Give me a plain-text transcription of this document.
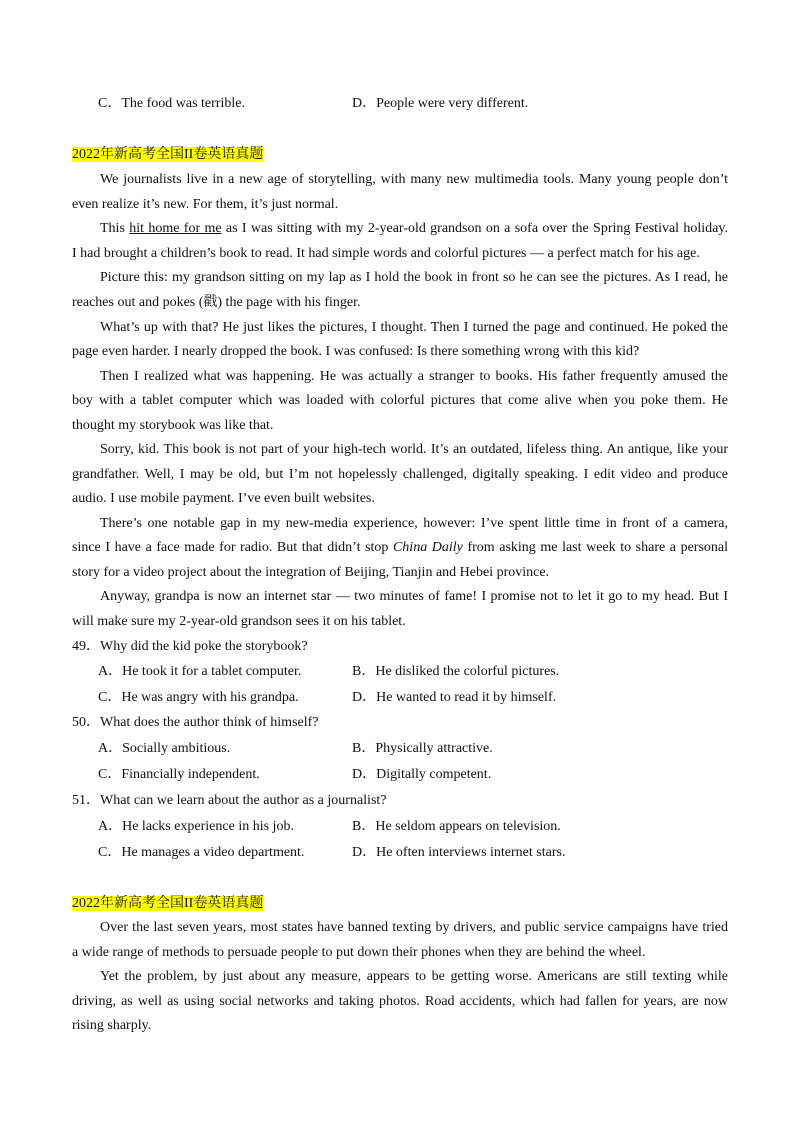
C．The food was terrible.	D．People were very different.
2022年新高考全国II卷英语真题
We journalists live in a new age of storytelling, with many new multimedia tools. Many young people don’t
even realize it’s new. For them, it’s just normal.
This hit home for me as I was sitting with my 2-year-old grandson on a sofa over the Spring Festival holiday.
I had brought a children’s book to read. It had simple words and colorful pictures — a perfect match for his age.
Picture this: my grandson sitting on my lap as I hold the book in front so he can see the pictures. As I read, he
reaches out and pokes (戳) the page with his finger.
What’s up with that? He just likes the pictures, I thought. Then I turned the page and continued. He poked the
page even harder. I nearly dropped the book. I was confused: Is there something wrong with this kid?
Then I realized what was happening. He was actually a stranger to books. His father frequently amused the
boy with a tablet computer which was loaded with colorful pictures that come alive when you poke them. He
thought my storybook was like that.
Sorry, kid. This book is not part of your high-tech world. It’s an outdated, lifeless thing. An antique, like your
grandfather. Well, I may be old, but I’m not hopelessly challenged, digitally speaking. I edit video and produce
audio. I use mobile payment. I’ve even built websites.
There’s one notable gap in my new-media experience, however: I’ve spent little time in front of a camera,
since I have a face made for radio. But that didn’t stop China Daily from asking me last week to share a personal
story for a video project about the integration of Beijing, Tianjin and Hebei province.
Anyway, grandpa is now an internet star — two minutes of fame! I promise not to let it go to my head. But I
will make sure my 2-year-old grandson sees it on his tablet.
49．Why did the kid poke the storybook?
A．He took it for a tablet computer.	B．He disliked the colorful pictures.
C．He was angry with his grandpa.	D．He wanted to read it by himself.
50．What does the author think of himself?
A．Socially ambitious.	B．Physically attractive.
C．Financially independent.	D．Digitally competent.
51．What can we learn about the author as a journalist?
A．He lacks experience in his job.	B．He seldom appears on television.
C．He manages a video department.	D．He often interviews internet stars.
2022年新高考全国II卷英语真题
Over the last seven years, most states have banned texting by drivers, and public service campaigns have tried
a wide range of methods to persuade people to put down their phones when they are behind the wheel.
Yet the problem, by just about any measure, appears to be getting worse. Americans are still texting while
driving, as well as using social networks and taking photos. Road accidents, which had fallen for years, are now
rising sharply.
